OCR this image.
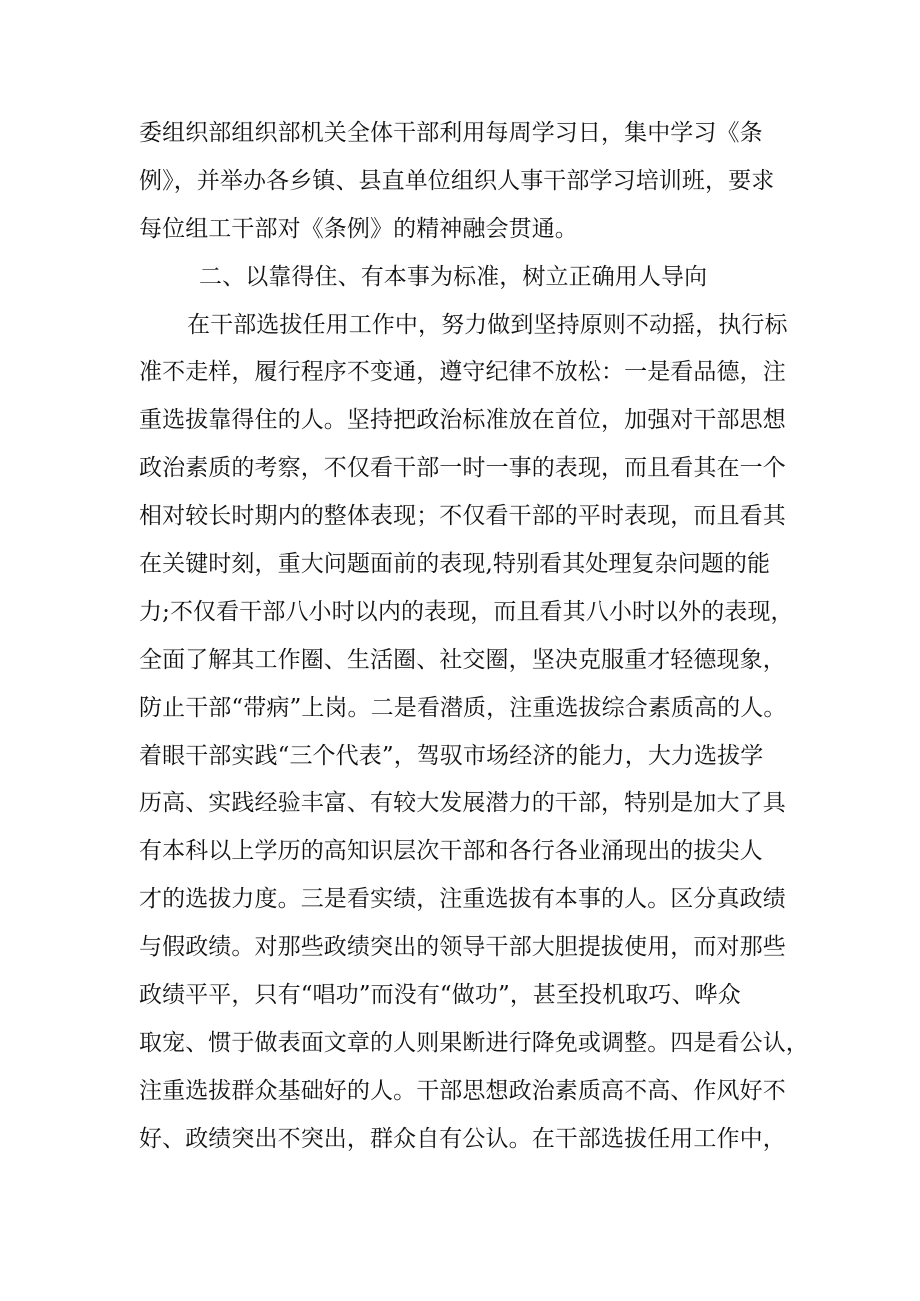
委组织部组织部机关全体干部利用每周学习日，集中学习《条
例》，并举办各乡镇、县直单位组织人事干部学习培训班，要求
每位组工干部对《条例》的精神融会贯通。
二、以靠得住、有本事为标准，树立正确用人导向
在干部选拔任用工作中，努力做到坚持原则不动摇，执行标
准不走样，履行程序不变通，遵守纪律不放松：一是看品德，注
重选拔靠得住的人。坚持把政治标准放在首位，加强对干部思想
政治素质的考察，不仅看干部一时一事的表现，而且看其在一个
相对较长时期内的整体表现；不仅看干部的平时表现，而且看其
在关键时刻，重大问题面前的表现,特别看其处理复杂问题的能
力;不仅看干部八小时以内的表现，而且看其八小时以外的表现，
全面了解其工作圈、生活圈、社交圈，坚决克服重才轻德现象，
防止干部“带病”上岗。二是看潜质，注重选拔综合素质高的人。
着眼干部实践“三个代表”，驾驭市场经济的能力，大力选拔学
历高、实践经验丰富、有较大发展潜力的干部，特别是加大了具
有本科以上学历的高知识层次干部和各行各业涌现出的拔尖人
才的选拔力度。三是看实绩，注重选拔有本事的人。区分真政绩
与假政绩。对那些政绩突出的领导干部大胆提拔使用，而对那些
政绩平平，只有“唱功”而没有“做功”，甚至投机取巧、哗众
取宠、惯于做表面文章的人则果断进行降免或调整。四是看公认，
注重选拔群众基础好的人。干部思想政治素质高不高、作风好不
好、政绩突出不突出，群众自有公认。在干部选拔任用工作中，
